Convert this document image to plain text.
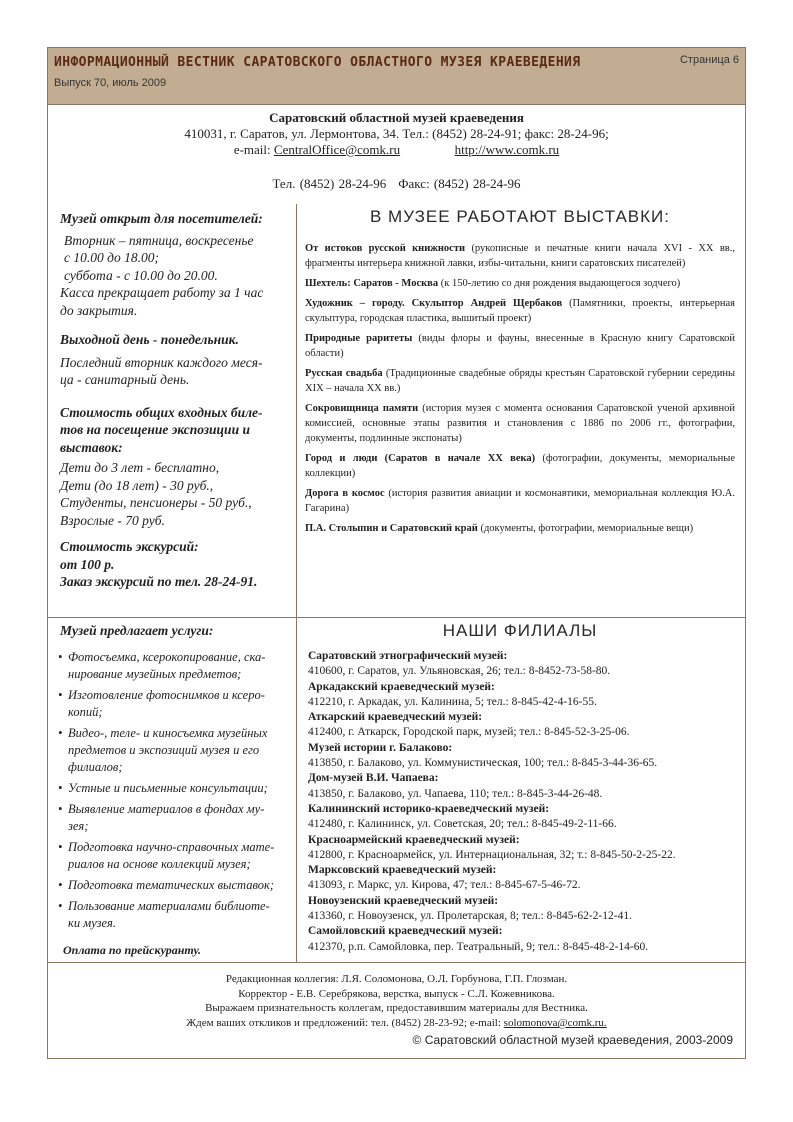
ИНФОРМАЦИОННЫЙ ВЕСТНИК САРАТОВСКОГО ОБЛАСТНОГО МУЗЕЯ КРАЕВЕДЕНИЯ
Выпуск 70, июль 2009
Страница 6
Саратовский областной музей краеведения
410031, г. Саратов, ул. Лермонтова, 34. Тел.: (8452) 28-24-91; факс: 28-24-96;
e-mail: CentralOffice@comk.ru	http://www.comk.ru
Тел. (8452) 28-24-96 Факс: (8452) 28-24-96
Музей открыт для посетителей:
Вторник – пятница, воскресенье
с 10.00 до 18.00;
суббота - с 10.00 до 20.00.
Касса прекращает работу за 1 час
до закрытия.
Выходной день - понедельник.
Последний вторник каждого меся-
ца - санитарный день.
Стоимость общих входных биле-
тов на посещение экспозиции и
выставок:
Дети до 3 лет - бесплатно,
Дети (до 18 лет) - 30 руб.,
Студенты, пенсионеры - 50 руб.,
Взрослые - 70 руб.
Стоимость экскурсий:
от 100 р.
Заказ экскурсий по тел. 28-24-91.
В МУЗЕЕ РАБОТАЮТ ВЫСТАВКИ:
От истоков русской книжности (рукописные и печатные книги начала XVI - XX вв., фрагменты интерьера книжной лавки, избы-читальни, книги саратовских писателей)
Шехтель: Саратов - Москва (к 150-летию со дня рождения выдающегося зодчего)
Художник – городу. Скульптор Андрей Щербаков (Памятники, проекты, интерьерная скульптура, городская пластика, вышитый проект)
Природные раритеты (виды флоры и фауны, внесенные в Красную книгу Саратовской области)
Русская свадьба (Традиционные свадебные обряды крестьян Саратовской губернии середины XIX – начала XX вв.)
Сокровищница памяти (история музея с момента основания Саратовской ученой архивной комиссией, основные этапы развития и становления с 1886 по 2006 гг., фотографии, документы, подлинные экспонаты)
Город и люди (Саратов в начале XX века) (фотографии, документы, мемориальные коллекции)
Дорога в космос (история развития авиации и космонавтики, мемориальная коллекция Ю.А. Гагарина)
П.А. Столыпин и Саратовский край (документы, фотографии, мемориальные вещи)
Музей предлагает услуги:
• Фотосъемка, ксерокопирование, ска-
нирование музейных предметов;
• Изготовление фотоснимков и ксеро-
копий;
• Видео-, теле- и киносъемка музейных
предметов и экспозиций музея и его
филиалов;
• Устные и письменные консультации;
• Выявление материалов в фондах му-
зея;
• Подготовка научно-справочных мате-
риалов на основе коллекций музея;
• Подготовка тематических выставок;
• Пользование материалами библиоте-
ки музея.
Оплата по прейскуранту.
НАШИ ФИЛИАЛЫ
Саратовский этнографический музей:
410600, г. Саратов, ул. Ульяновская, 26; тел.: 8-8452-73-58-80.
Аркадакский краеведческий музей:
412210, г. Аркадак, ул. Калинина, 5; тел.: 8-845-42-4-16-55.
Аткарский краеведческий музей:
412400, г. Аткарск, Городской парк, музей; тел.: 8-845-52-3-25-06.
Музей истории г. Балаково:
413850, г. Балаково, ул. Коммунистическая, 100; тел.: 8-845-3-44-36-65.
Дом-музей В.И. Чапаева:
413850, г. Балаково, ул. Чапаева, 110; тел.: 8-845-3-44-26-48.
Калининский историко-краеведческий музей:
412480, г. Калининск, ул. Советская, 20; тел.: 8-845-49-2-11-66.
Красноармейский краеведческий музей:
412800, г. Красноармейск, ул. Интернациональная, 32; т.: 8-845-50-2-25-22.
Марксовский краеведческий музей:
413093, г. Маркс, ул. Кирова, 47; тел.: 8-845-67-5-46-72.
Новоузенский краеведческий музей:
413360, г. Новоузенск, ул. Пролетарская, 8; тел.: 8-845-62-2-12-41.
Самойловский краеведческий музей:
412370, р.п. Самойловка, пер. Театральный, 9; тел.: 8-845-48-2-14-60.
Редакционная коллегия: Л.Я. Соломонова, О.Л. Горбунова, Г.П. Глозман.
Корректор - Е.В. Серебрякова, верстка, выпуск - С.Л. Кожевникова.
Выражаем признательность коллегам, предоставившим материалы для Вестника.
Ждем ваших откликов и предложений: тел. (8452) 28-23-92; e-mail: solomonova@comk.ru.
© Саратовский областной музей краеведения, 2003-2009
